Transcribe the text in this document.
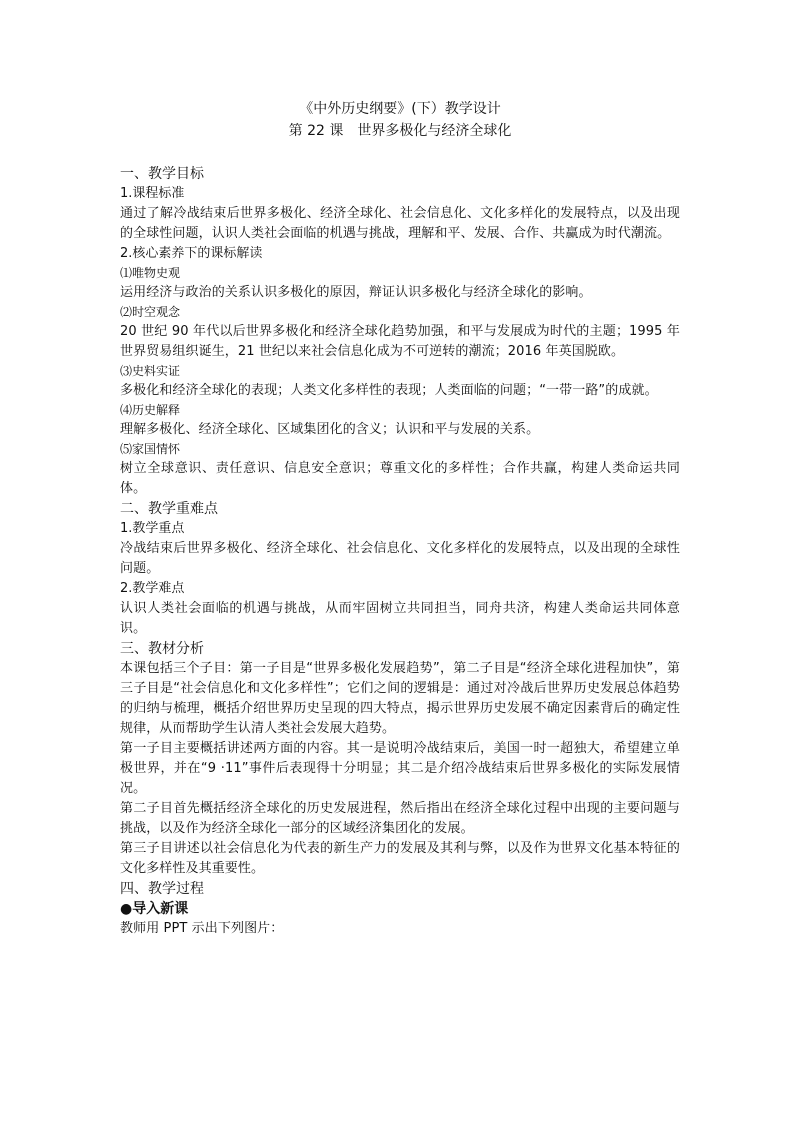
《中外历史纲要》(下）教学设计
第 22 课　世界多极化与经济全球化
一、教学目标
1.课程标准
通过了解冷战结束后世界多极化、经济全球化、社会信息化、文化多样化的发展特点，以及出现的全球性问题，认识人类社会面临的机遇与挑战，理解和平、发展、合作、共赢成为时代潮流。
2.核心素养下的课标解读
⑴唯物史观
运用经济与政治的关系认识多极化的原因，辩证认识多极化与经济全球化的影响。
⑵时空观念
20 世纪 90 年代以后世界多极化和经济全球化趋势加强，和平与发展成为时代的主题；1995 年世界贸易组织诞生，21 世纪以来社会信息化成为不可逆转的潮流；2016 年英国脱欧。
⑶史料实证
多极化和经济全球化的表现；人类文化多样性的表现；人类面临的问题；“一带一路”的成就。
⑷历史解释
理解多极化、经济全球化、区域集团化的含义；认识和平与发展的关系。
⑸家国情怀
树立全球意识、责任意识、信息安全意识；尊重文化的多样性；合作共赢，构建人类命运共同体。
二、教学重难点
1.教学重点
冷战结束后世界多极化、经济全球化、社会信息化、文化多样化的发展特点，以及出现的全球性问题。
2.教学难点
认识人类社会面临的机遇与挑战，从而牢固树立共同担当，同舟共济，构建人类命运共同体意识。
三、教材分析
本课包括三个子目：第一子目是“世界多极化发展趋势”，第二子目是“经济全球化进程加快”，第三子目是“社会信息化和文化多样性”；它们之间的逻辑是：通过对冷战后世界历史发展总体趋势的归纳与梳理，概括介绍世界历史呈现的四大特点，揭示世界历史发展不确定因素背后的确定性规律，从而帮助学生认清人类社会发展大趋势。
第一子目主要概括讲述两方面的内容。其一是说明冷战结束后，美国一时一超独大，希望建立单极世界，并在“9 ·11”事件后表现得十分明显；其二是介绍冷战结束后世界多极化的实际发展情况。
第二子目首先概括经济全球化的历史发展进程，然后指出在经济全球化过程中出现的主要问题与挑战，以及作为经济全球化一部分的区域经济集团化的发展。
第三子目讲述以社会信息化为代表的新生产力的发展及其利与弊，以及作为世界文化基本特征的文化多样性及其重要性。
四、教学过程
●导入新课
教师用 PPT 示出下列图片：
